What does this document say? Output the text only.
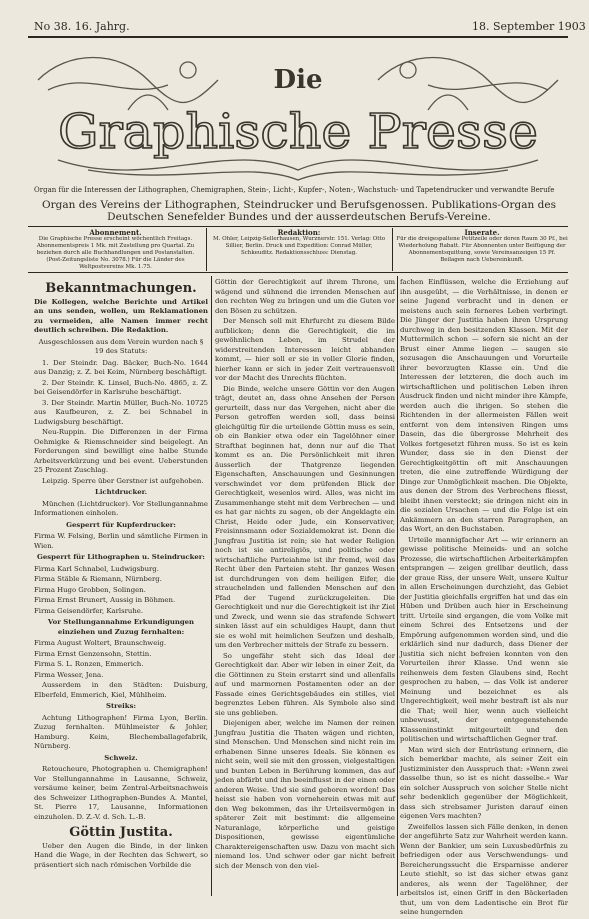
No 38. 16. Jahrg.	18. September 1903
Die
Graphische Presse
Organ für die Interessen der Lithographen, Chemigraphen, Stein-, Licht-, Kupfer-, Noten-, Wachstuch- und Tapetendrucker und verwandte Berufe
Organ des Vereins der Lithographen, Steindrucker und Berufsgenossen. Publikations-Organ des Deutschen Senefelder Bundes und der ausserdeutschen Berufs-Vereine.
Abonnement.
Die Graphische Presse erscheint wöchentlich Freitags. Abonnementspreis 1 Mk. mit Zustellung pro Quartal. Zu beziehen durch alle Buchhandlungen und Postanstalten. (Post-Zeitungsliste No. 3078.) Für die Länder des Weltpostvereins Mk. 1.75.
Redaktion:
M. Ohler, Leipzig-Sellerhausen, Wurznerstr. 151. Verlag: Otto Sillier, Berlin. Druck und Expedition: Conrad Müller, Schkeuditz. Redaktionsschluss: Dienstag.
Inserate.
Für die dreigespaltene Petitzeile oder deren Raum 30 Pf., bei Wiederholung Rabatt. Für Abonnenten unter Beifügung der Abonnementsquittung, sowie Vereinsanzeigen 15 Pf. Beilagen nach Uebereinkunft.
Bekanntmachungen.

Die Kollegen, welche Berichte und Artikel an uns senden, wollen, um Reklamationen zu vermeiden, alle Namen immer recht deutlich schreiben. Die Redaktion.

Ausgeschlossen aus dem Verein wurden nach § 19 des Statuts:

1. Der Steindr. Dag. Bäcker, Buch-No. 1644 aus Danzig; z. Z. bei Keim, Nürnberg beschäftigt.

2. Der Steindr. K. Linsel, Buch-No. 4865, z. Z. bei Geisendörfer in Karlsruhe beschäftigt.

3. Der Steindr. Martin Müller, Buch-No. 10725 aus Kaufbeuren, z. Z. bei Schnabel in Ludwigsburg beschäftigt.

Neu-Ruppin. Die Differenzen in der Firma Oehmigke & Riemschneider sind beigelegt. An Forderungen sind bewilligt eine halbe Stunde Arbeitsverkürzung und bei event. Ueberstunden 25 Prozent Zuschlag.

Leipzig. Sperre über Gerstner ist aufgehoben.

Lichtdrucker.

München (Lichtdrucker). Vor Stellungannahme Informationen einholen.

Gesperrt für Kupferdrucker:

Firma W. Felsing, Berlin und sämtliche Firmen in Wien.

Gesperrt für Lithographen u. Steindrucker:

Firma Karl Schnabel, Ludwigsburg.

Firma Stäble & Riemann, Nürnberg.

Firma Hugo Grobben, Solingen.

Firma Ernst Brunert, Aussig in Böhmen.

Firma Geisendörfer, Karlsruhe.

Vor Stellungannahme Erkundigungen einziehen und Zuzug fernhalten:

Firma August Woltert, Braunschweig.

Firma Ernst Genzensohn, Stettin.

Firma S. L. Ronzen, Emmerich.

Firma Wesser, Jena.

Ausserdem in den Städten: Duisburg, Elberfeld, Emmerich, Kiel, Mühlheim.

Streiks:

Achtung Lithographen! Firma Lyon, Berlin. Zuzug fernhalten. Mühlmeister & Johler, Hamburg. Keim, Blechemballagefabrik, Nürnberg.

Schweiz.

Retoucheure, Photographen u. Chemigraphen! Vor Stellungannahme in Lausanne, Schweiz, versäume keiner, beim Zentral-Arbeitsnachweis des Schweizer Lithographen-Bundes A. Mantel, St. Pierre 17, Lausanne, Informationen einzuholen. D. Z.-V. d. Sch. L.-B.

Göttin Justita.

Ueber den Augen die Binde, in der linken Hand die Wage, in der Rechten das Schwert, so präsentiert sich nach römischen Vorbilde die

Göttin der Gerechtigkeit auf ihrem Throne, um wägend und sühnend die irrenden Menschen auf den rechten Weg zu bringen und um die Guten vor den Bösen zu schützen.

Der Mensch soll mit Ehrfurcht zu diesem Bilde aufblicken; denn die Gerechtigkeit, die im gewöhnlichen Leben, im Strudel der widerstreitenden Interessen leicht abhanden kommt, — hier soll er sie in voller Glorie finden, hierher kann er sich in jeder Zeit vertrauensvoll vor der Macht des Unrechts flüchten.

Die Binde, welche unsere Göttin vor den Augen trägt, deutet an, dass ohne Ansehen der Person gerurteilt, dass nur das Vergehen, nicht aber die Person getroffen werden soll, dass beinsi gleichgültig für die urteilende Göttin muss es sein, ob ein Bankier etwa oder ein Tagelöhner einer Strafthat beginnen hat, denn nur auf die That kommt es an. Die Persönlichkeit mit ihren äusserlich der Thatgrenze liegenden Eigenschaften, Anschauungen und Gesinnungen verschwindet vor dem prüfenden Blick der Gerechtigkeit, wesenlos wird. Alles, was nicht im Zusammenhange steht mit dem Verbrechen — und es hat gar nichts zu sagen, ob der Angeklagte ein Christ, Heide oder Jude, ein Konservativer, Freisinnsmann oder Sozialdemokrat ist. Denn die Jungfrau Justitia ist rein; sie hat weder Religion noch ist sie antireligiös, und politische oder wirtschaftliche Parteiahme ist ihr fremd, weil das Recht über den Parteien steht. Ihr ganzes Wesen ist durchdrungen von dem heiligen Eifer, die strauchelnden und fallenden Menschen auf den Pfad der Tugend zurückzugeleiten. Die Gerechtigkeit und nur die Gerechtigkeit ist ihr Ziel und Zweck, und wenn sie das strafende Schwert sinken lässt auf ein schuldiges Haupt, dann thut sie es wohl mit heimlichen Seufzen und deshalb, um den Verbrecher mittels der Strafe zu bessern.

So ungefähr steht sich das Ideal der Gerechtigkeit dar. Aber wir leben in einer Zeit, da die Göttinnen zu Stein erstarrt sind und allenfalls auf und marmornen Postamenten oder an der Fassade eines Gerichtsgebäudes ein stilles, viel begrenztes Leben führen. Als Symbole also sind sie uns geblieben.

Diejenigen aber, welche im Namen der reinen Jungfrau Justitia die Thaten wägen und richten, sind Menschen. Und Menschen sind nicht rein im erhabenen Sinne unseres Ideals. Sie können es nicht sein, weil sie mit den grossen, vielgestaltigen und bunten Leben in Berührung kommen, das auf jeden abfärbt und ihn beeinflusst in der einen oder anderen Weise. Und sie sind geboren worden! Das heisst sie haben von vorneherein etwas mit auf den Weg bekommen, das ihr Urteilsvermögen in späterer Zeit mit bestimmt: die allgemeine Naturanlage, körperliche und geistige Dispositionen, gewisse eigentümliche Charaktereigenschaften usw. Dazu von macht sich niemand los. Und schwer oder gar nicht befreit sich der Mensch von den viel-

fachen Einflüssen, welche die Erziehung auf ihn ausgeübt, — die Verhältnisse, in denen er seine Jugend verbracht und in denen er meistens auch sein ferneres Leben verbringt. Die Jünger der Justitia haben ihren Ursprung durchweg in den besitzenden Klassen. Mit der Muttermilch schon — sofern sie nicht an der Brust einer Amme liegen — saugen sie sozusagen die Anschauungen und Vorurteile ihrer bevorzugten Klasse ein. Und die Interessen der letzteren, die doch auch im wirtschaftlichen und politischen Leben ihren Ausdruck finden und nicht minder ihre Kämpfe, werden auch die ihrigen. So stehen die Richtenden in der allermeisten Fällen weit entfernt von dem intensiven Ringen ums Dasein, das die übergrosse Mehrheit des Volkes fortgesetzt führen muss. So ist es kein Wunder, dass sie in den Dienst der Gerechtigkeitgöttin oft mit Anschauungen treten, die eine zutreffende Würdigung der Dinge zur Unmöglichkeit machen. Die Objekte, aus denen der Strom des Verbrechens fliesst, bleibt ihnen versteckt; sie dringen nicht ein in die sozialen Ursachen — und die Folge ist ein Ankämmern an den starren Paragraphen, an das Wort, an den Buchstaben.

Urteile mannigfacher Art — wir erinnern an gewisse politische Meineids- und an solche Prozesse, die wirtschaftlichen Arbeiterkämpfen entsprangen — zeigen grellbar deutlich, dass der graue Riss, der unsere Welt, unsere Kultur in allen Erscheinungen durchzieht, das Gebiet der Justitia gleichfalls ergriffen hat und das ein Hüben und Drüben auch hier in Erscheinung tritt. Urteile sind ergangen, die vom Volke mit einem Schrei des Entsetzens und der Empörung aufgenommen worden sind, und die erklärlich sind nur dadurch, dass Diener der Justitia sich nicht befreien konnten von den Vorurteilen ihrer Klasse. Und wenn sie reihenweis dem festen Glaubens sind, Recht gesprochen zu haben, — das Volk ist anderer Meinung und bezeichnet es als Ungerechtigkeit, weil mehr bestraft ist als nur die That; weil hier, wenn auch vielleicht unbewusst, der entgegenstehende Klasseninstinkt mitgeurteilt und den politischen und wirtschaftlichen Gegner traf.

Man wird sich der Entrüstung erinnern, die sich bemerkbar machte, als seiner Zeit ein Justizminister den Ausspruch that: »Wenn zwei dasselbe thun, so ist es nicht dasselbe.« War ein solcher Ausspruch von solcher Stelle nicht sehr bedenklich gegenüber der Möglichkeit, dass sich strebsamer Juristen darauf einen eigenen Vers machten?

Zweifellos lassen sich Fälle denken, in denen der angeführte Satz zur Wahrheit werden kann. Wenn der Bankier, um sein Luxusbedürfnis zu befriedigen oder aus Verschwendungs- und Bereicherungssucht die Ersparnisse anderer Leute stiehlt, so ist das sicher etwas ganz anderes, als wenn der Tagelöhner, der arbeitslos ist, einen Griff in den Bäckerladen thut, um von dem Ladentische ein Brot für seine hungernden
